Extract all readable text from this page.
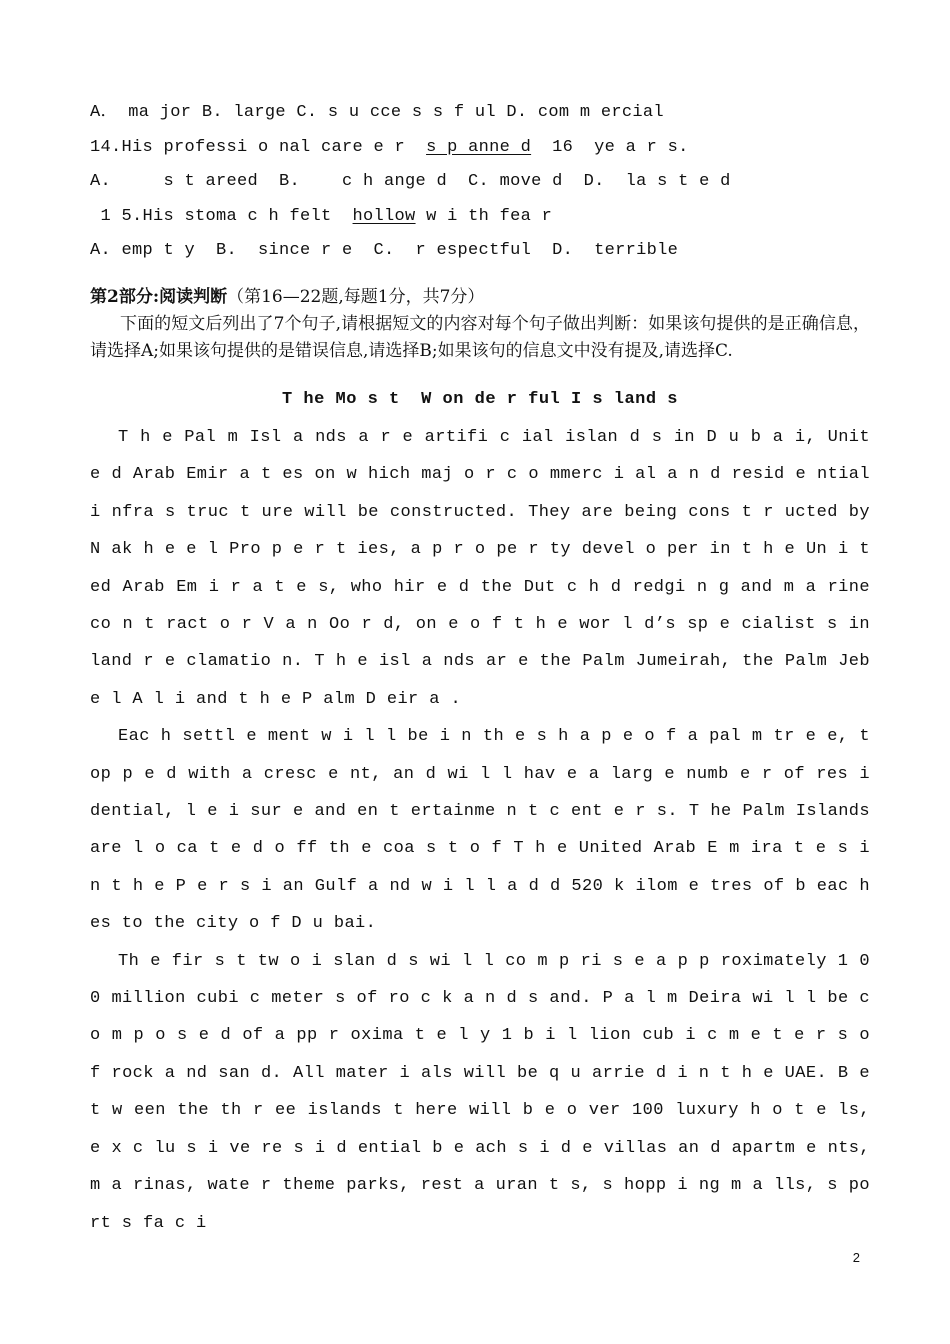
A． ma jor B. large C. s u cce s s f ul D. com m ercial
14.His professi o nal care e r  s p anne d  16  ye a r s.
A.     s t areed  B.    c h ange d  C. move d  D.  la s t e d
1 5.His stoma c h felt  hollow w i th fea r
A. emp t y  B.  since r e  C.  r espectful  D.  terrible
第2部分:阅读判断（第16—22题,每题1分，共7分）
下面的短文后列出了7个句子,请根据短文的内容对每个句子做出判断：如果该句提供的是正确信息，请选择A;如果该句提供的是错误信息,请选择B;如果该句的信息文中没有提及,请选择C.
T he Mo s t  W on de r ful I s land s
T h e Pal m Isl a nds a r e artifi c ial islan d s in D u b a i, Unit e d Arab Emir a t es on w hich maj o r c o mmerc i al a n d resid e ntial i nfra s truc t ure will be constructed. They are being cons t r ucted by N ak h e e l Pro p e r t ies, a p r o pe r ty devel o per in t h e Un i t ed Arab Em i r a t e s, who hir e d the Dut c h d redgi n g and m a rine co n t ract o r V a n Oo r d, on e o f t h e wor l d’s sp e cialist s in land r e clamatio n. T h e isl a nds ar e the Palm Jumeirah, the Palm Jeb e l A l i and t h e P alm D eir a .
Eac h settl e ment w i l l be i n th e s h a p e o f a pal m tr e e, top p e d with a cresc e nt, an d wi l l hav e a larg e numb e r of res i dential, l e i sur e and en t ertainme n t c ent e r s. T he Palm Islands are l o ca t e d o ff th e coa s t o f T h e United Arab E m ira t e s i n t h e P e r s i an Gulf a nd w i l l a d d 520 k ilom e tres of b eac h es to the city o f D u bai.
Th e fir s t tw o i slan d s wi l l co m p ri s e a p p roximately 1 0 0 million cubi c meter s of ro c k a n d s and. P a l m Deira wi l l be co m p o s e d of a pp r oxima t e l y 1 b i l lion cub i c m e t e r s o f rock a nd san d. All mater i als will be q u arrie d i n t h e UAE. B e t w een the th r ee islands t here will b e o ver 100 luxury h o t e ls, e x c lu s i ve re s i d ential b e ach s i d e villas an d apartm e nts, m a rinas, wate r theme parks, rest a uran t s, s hopp i ng m a lls, s port s fa c i
2
